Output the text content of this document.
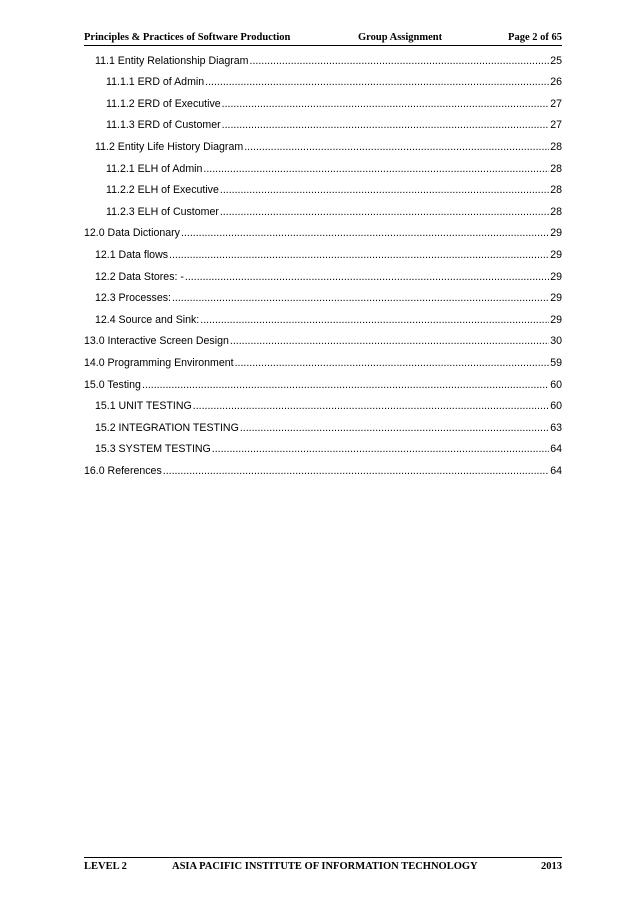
Principles & Practices of Software Production	Group Assignment	Page 2 of 65
11.1 Entity Relationship Diagram .....	25
11.1.1 ERD of Admin .....	26
11.1.2 ERD of Executive .....	27
11.1.3 ERD of Customer .....	27
11.2 Entity Life History Diagram .....	28
11.2.1 ELH of Admin .....	28
11.2.2 ELH of Executive .....	28
11.2.3 ELH of Customer .....	28
12.0 Data Dictionary .....	29
12.1 Data flows .....	29
12.2 Data Stores: - .....	29
12.3 Processes: .....	29
12.4 Source and Sink: .....	29
13.0 Interactive Screen Design .....	30
14.0 Programming Environment .....	59
15.0 Testing .....	60
15.1 UNIT TESTING .....	60
15.2 INTEGRATION TESTING .....	63
15.3 SYSTEM TESTING .....	64
16.0 References .....	64
LEVEL 2	ASIA PACIFIC INSTITUTE OF INFORMATION TECHNOLOGY	2013
